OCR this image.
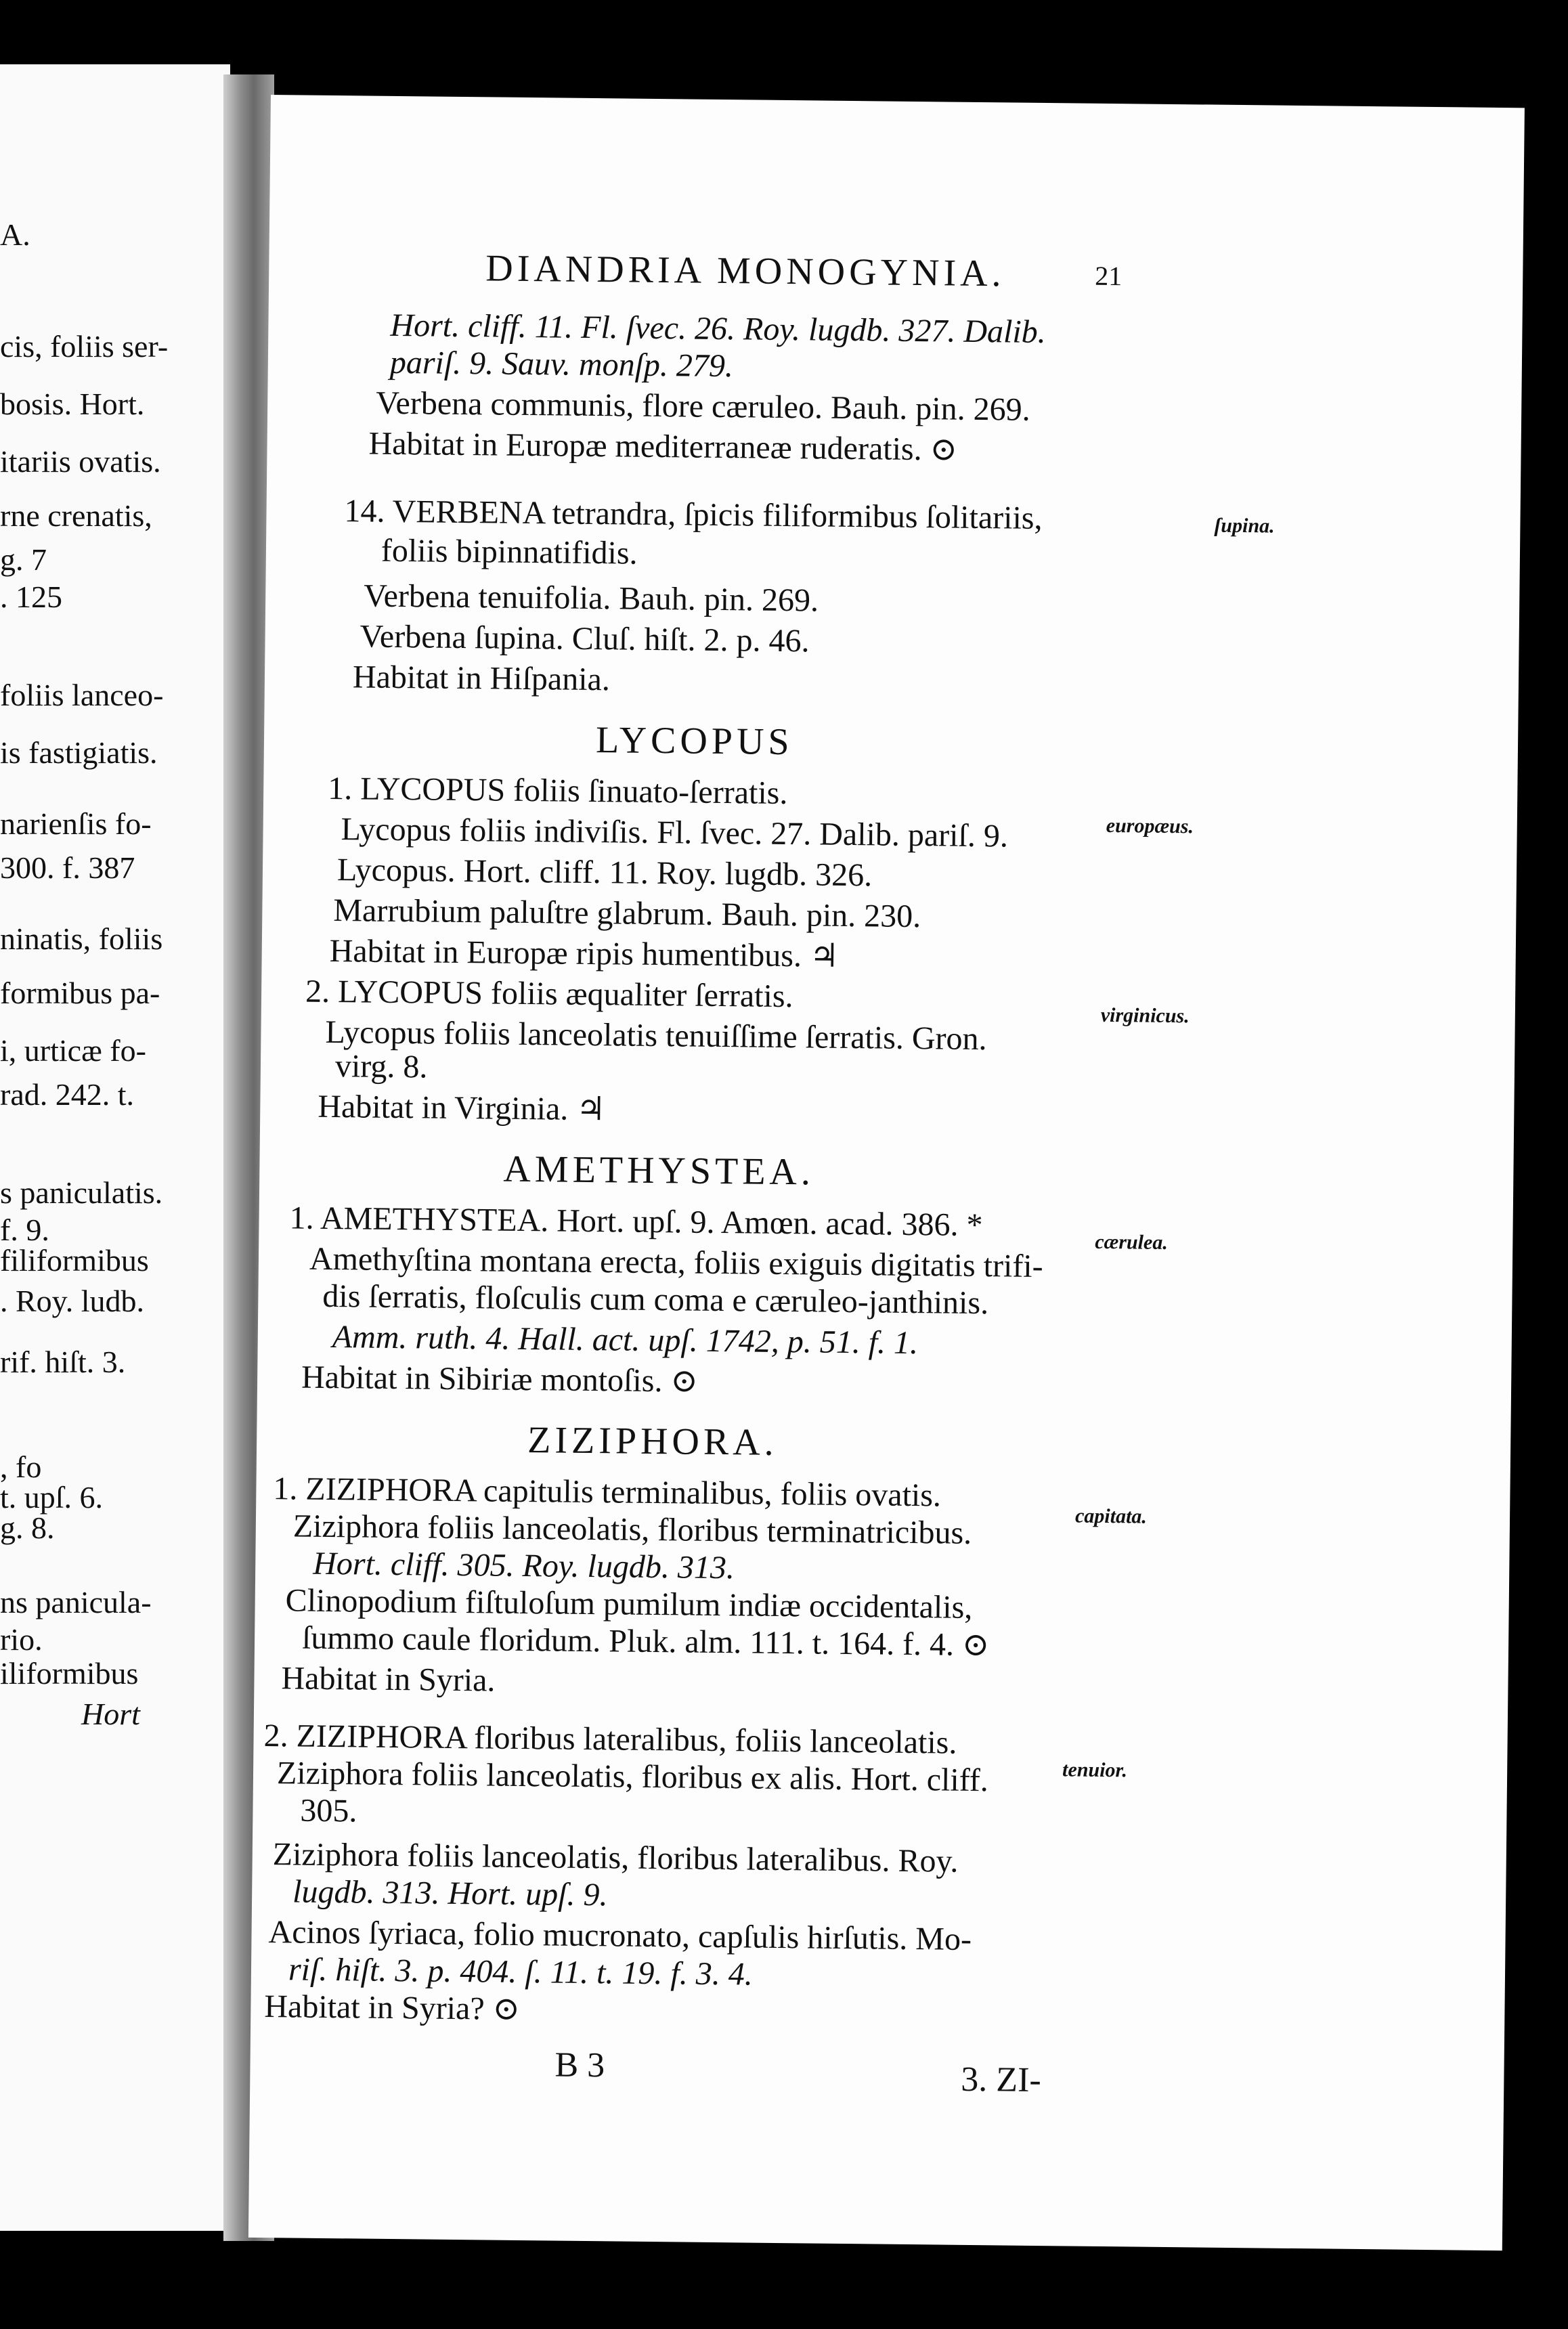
A.
cis, foliis ser-
bosis. Hort.
itariis ovatis.
rne crenatis,
g. 7
. 125
foliis lanceo-
is fastigiatis.
narienſis fo-
300. f. 387
ninatis, foliis
formibus pa-
i, urticæ fo-
rad. 242. t.
s paniculatis.
f. 9.
filiformibus
. Roy. ludb.
rif. hiſt. 3.
, fo
t. upſ. 6.
g. 8.
ns panicula-
rio.
iliformibus
Hort
DIANDRIA MONOGYNIA.	21
Hort. cliff. 11. Fl. ſvec. 26. Roy. lugdb. 327. Dalib.
pariſ. 9. Sauv. monſp. 279.
Verbena communis, flore cæruleo. Bauh. pin. 269.
Habitat in Europæ mediterraneæ ruderatis. ⊙
14. VERBENA tetrandra, ſpicis filiformibus ſolitariis,	ſupina.
foliis bipinnatifidis.
Verbena tenuifolia. Bauh. pin. 269.
Verbena ſupina. Cluſ. hiſt. 2. p. 46.
Habitat in Hiſpania.
LYCOPUS
1. LYCOPUS foliis ſinuato-ſerratis.
europæus.
Lycopus foliis indiviſis. Fl. ſvec. 27. Dalib. pariſ. 9.
Lycopus. Hort. cliff. 11. Roy. lugdb. 326.
Marrubium paluſtre glabrum. Bauh. pin. 230.
Habitat in Europæ ripis humentibus. ♃
2. LYCOPUS foliis æqualiter ſerratis.
virginicus.
Lycopus foliis lanceolatis tenuiſſime ſerratis. Gron.
virg. 8.
Habitat in Virginia. ♃
AMETHYSTEA.
1. AMETHYSTEA. Hort. upſ. 9. Amœn. acad. 386. *	cærulea.
Amethyſtina montana erecta, foliis exiguis digitatis trifi-
dis ſerratis, floſculis cum coma e cæruleo-janthinis.
Amm. ruth. 4. Hall. act. upſ. 1742, p. 51. f. 1.
Habitat in Sibiriæ montoſis. ⊙
ZIZIPHORA.
1. ZIZIPHORA capitulis terminalibus, foliis ovatis.
capitata.
Ziziphora foliis lanceolatis, floribus terminatricibus.
Hort. cliff. 305. Roy. lugdb. 313.
Clinopodium fiſtuloſum pumilum indiæ occidentalis,
ſummo caule floridum. Pluk. alm. 111. t. 164. f. 4. ⊙
Habitat in Syria.
2. ZIZIPHORA floribus lateralibus, foliis lanceolatis.
tenuior.
Ziziphora foliis lanceolatis, floribus ex alis. Hort. cliff.
305.
Ziziphora foliis lanceolatis, floribus lateralibus. Roy.
lugdb. 313. Hort. upſ. 9.
Acinos ſyriaca, folio mucronato, capſulis hirſutis. Mo-
riſ. hiſt. 3. p. 404. ſ. 11. t. 19. f. 3. 4.
Habitat in Syria? ⊙
B 3	3. ZI-
